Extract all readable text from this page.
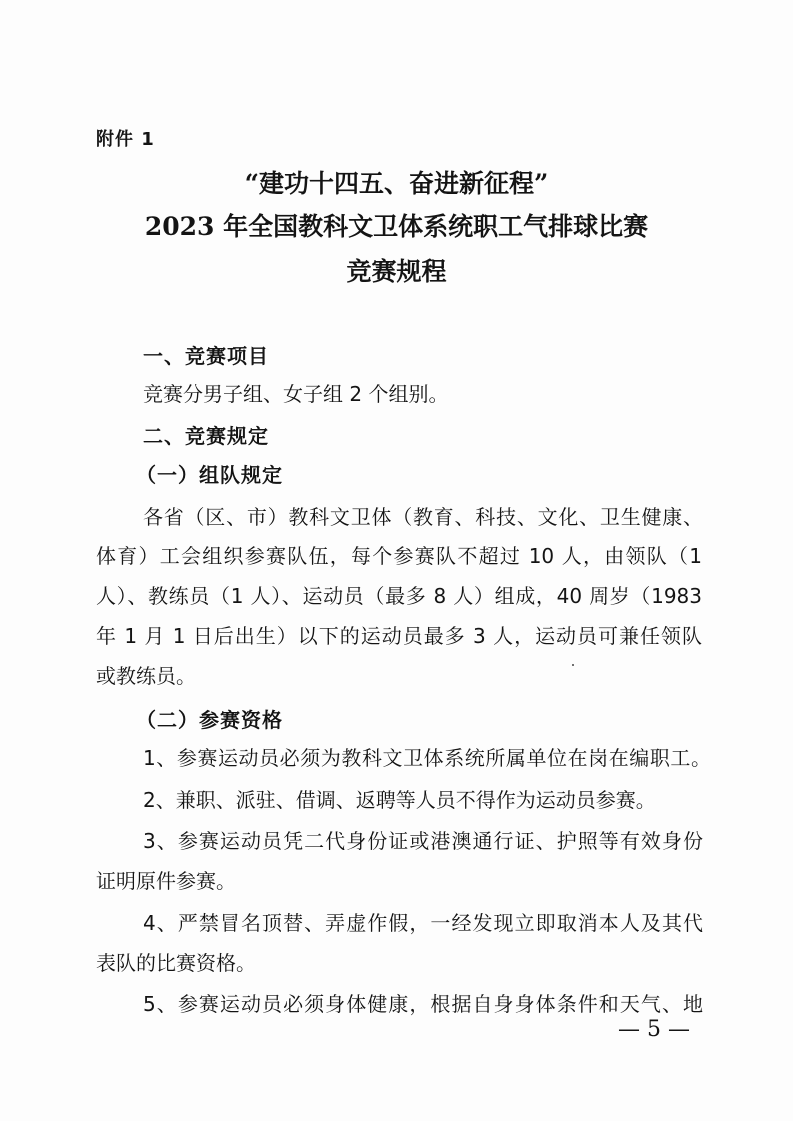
附件 1
“建功十四五、奋进新征程”
2023 年全国教科文卫体系统职工气排球比赛
竞赛规程
一、竞赛项目
竞赛分男子组、女子组 2 个组别。
二、竞赛规定
（一）组队规定
各省（区、市）教科文卫体（教育、科技、文化、卫生健康、
体育）工会组织参赛队伍，每个参赛队不超过 10 人，由领队（1
人）、教练员（1 人）、运动员（最多 8 人）组成，40 周岁（1983
年 1 月 1 日后出生）以下的运动员最多 3 人，运动员可兼任领队
或教练员。
（二）参赛资格
1、参赛运动员必须为教科文卫体系统所属单位在岗在编职工。
2、兼职、派驻、借调、返聘等人员不得作为运动员参赛。
3、参赛运动员凭二代身份证或港澳通行证、护照等有效身份
证明原件参赛。
4、严禁冒名顶替、弄虚作假，一经发现立即取消本人及其代
表队的比赛资格。
5、参赛运动员必须身体健康，根据自身身体条件和天气、地
— 5 —
